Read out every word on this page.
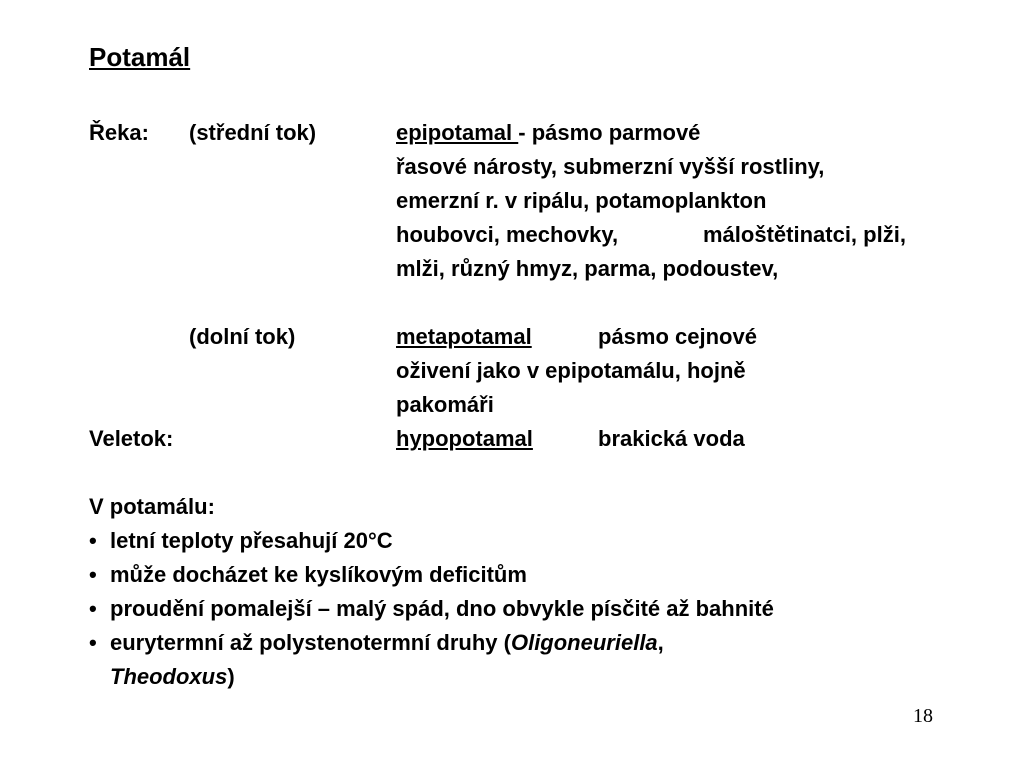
Potamál
Řeka: (střední tok)	epipotamal - pásmo parmové
řasové nárosty, submerzní vyšší rostliny,
emerzní r. v ripálu, potamoplankton
houbovci, mechovky,	máloštětinatci, plži,
mlži, různý hmyz, parma, podoustev,
(dolní tok)	metapotamal	pásmo cejnové
oživení jako v epipotamálu, hojně
pakomáři
Veletok:	hypopotamal	brakická voda
V potamálu:
• letní teploty přesahují 20°C
• může docházet ke kyslíkovým deficitům
• proudění pomalejší – malý spád, dno obvykle písčité až bahnité
• eurytermní až polystenotermní druhy (Oligoneuriella,
Theodoxus)
18
